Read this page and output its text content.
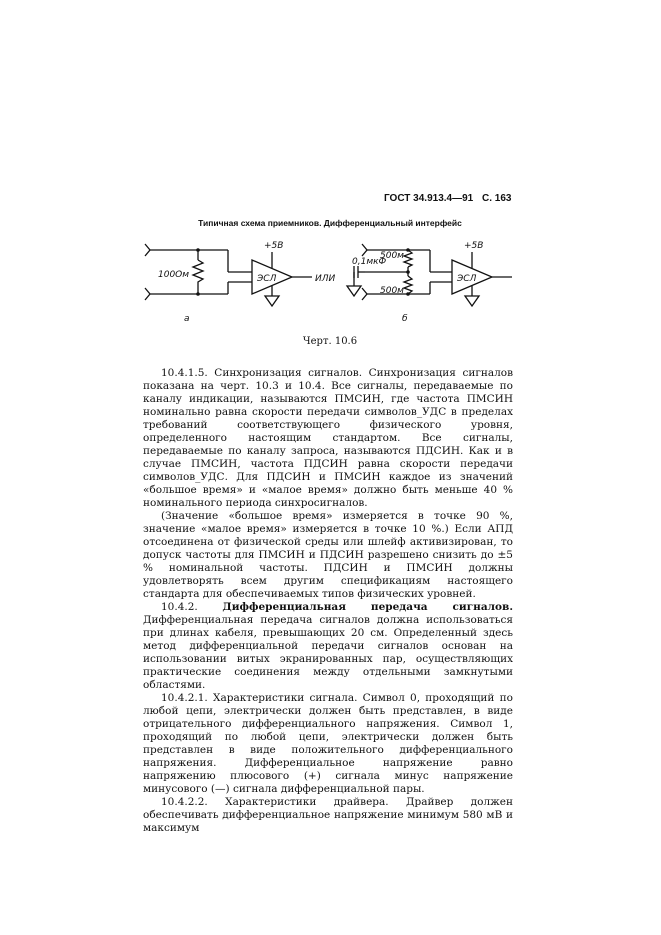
ГОСТ 34.913.4—91 С. 163
Типичная схема приемников. Дифференциальный интерфейс
+5В
100Ом	ЭСЛ	ИЛИ
а
+5В
500м
0,1мкФ
500м
ЭСЛ
б
Черт. 10.6

10.4.1.5. Синхронизация сигналов. Синхронизация сигналов показана на черт. 10.3 и 10.4. Все сигналы, передаваемые по каналу индикации, называются ПМСИН, где частота ПМСИН номинально равна скорости передачи символов_УДС в пределах требований соответствующего физического уровня, определенного настоящим стандартом. Все сигналы, передаваемые по каналу запроса, называются ПДСИН. Как и в случае ПМСИН, частота ПДСИН равна скорости передачи символов_УДС. Для ПДСИН и ПМСИН каждое из значений «большое время» и «малое время» должно быть меньше 40 % номинального периода синхросигналов.

(Значение «большое время» измеряется в точке 90 %, значение «малое время» измеряется в точке 10 %.) Если АПД отсоединена от физической среды или шлейф активизирован, то допуск частоты для ПМСИН и ПДСИН разрешено снизить до ±5 % номинальной частоты. ПДСИН и ПМСИН должны удовлетворять всем другим спецификациям настоящего стандарта для обеспечиваемых типов физических уровней.

10.4.2. Дифференциальная передача сигналов. Дифференциальная передача сигналов должна использоваться при длинах кабеля, превышающих 20 см. Определенный здесь метод дифференциальной передачи сигналов основан на использовании витых экранированных пар, осуществляющих практические соединения между отдельными замкнутыми областями.

10.4.2.1. Характеристики сигнала. Символ 0, проходящий по любой цепи, электрически должен быть представлен, в виде отрицательного дифференциального напряжения. Символ 1, проходящий по любой цепи, электрически должен быть представлен в виде положительного дифференциального напряжения. Дифференциальное напряжение равно напряжению плюсового (+) сигнала минус напряжение минусового (—) сигнала дифференциальной пары.

10.4.2.2. Характеристики драйвера. Драйвер должен обеспечивать дифференциальное напряжение минимум 580 мВ и максимум
